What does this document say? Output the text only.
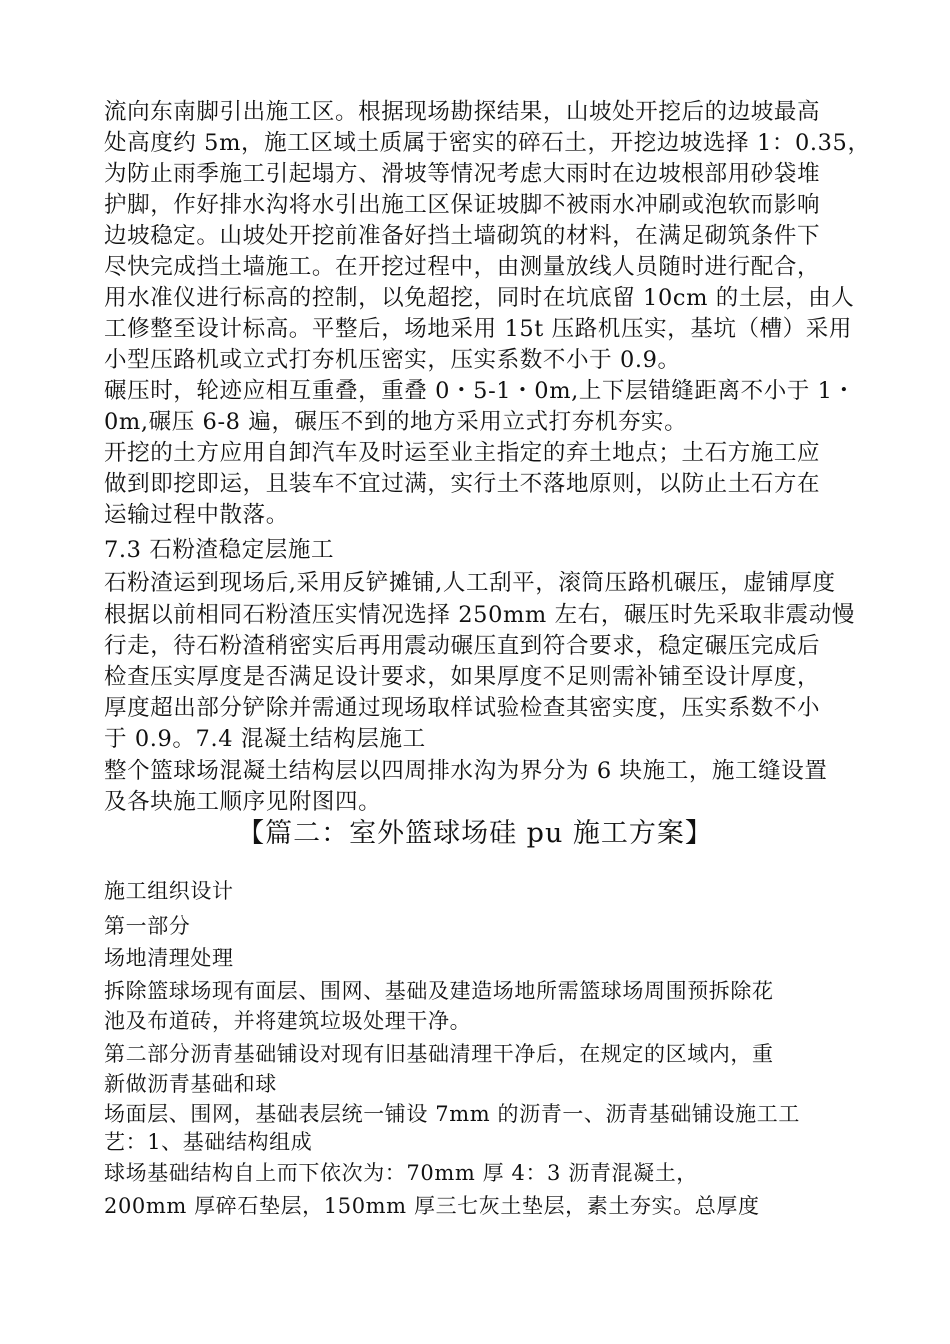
流向东南脚引出施工区。根据现场勘探结果，山坡处开挖后的边坡最高
处高度约 5m，施工区域土质属于密实的碎石土，开挖边坡选择 1：0.35，
为防止雨季施工引起塌方、滑坡等情况考虑大雨时在边坡根部用砂袋堆
护脚，作好排水沟将水引出施工区保证坡脚不被雨水冲刷或泡软而影响
边坡稳定。山坡处开挖前准备好挡土墙砌筑的材料，在满足砌筑条件下
尽快完成挡土墙施工。在开挖过程中，由测量放线人员随时进行配合，
用水准仪进行标高的控制，以免超挖，同时在坑底留 10cm 的土层，由人
工修整至设计标高。平整后，场地采用 15t 压路机压实，基坑（槽）采用
小型压路机或立式打夯机压密实，压实系数不小于 0.9。
碾压时，轮迹应相互重叠，重叠 0・5-1・0m,上下层错缝距离不小于 1・
0m,碾压 6-8 遍，碾压不到的地方采用立式打夯机夯实。
开挖的土方应用自卸汽车及时运至业主指定的弃土地点；土石方施工应
做到即挖即运，且装车不宜过满，实行土不落地原则，以防止土石方在
运输过程中散落。
7.3 石粉渣稳定层施工
石粉渣运到现场后,采用反铲摊铺,人工刮平，滚筒压路机碾压，虚铺厚度
根据以前相同石粉渣压实情况选择 250mm 左右，碾压时先采取非震动慢
行走，待石粉渣稍密实后再用震动碾压直到符合要求，稳定碾压完成后
检查压实厚度是否满足设计要求，如果厚度不足则需补铺至设计厚度，
厚度超出部分铲除并需通过现场取样试验检查其密实度，压实系数不小
于 0.9。7.4 混凝土结构层施工
整个篮球场混凝土结构层以四周排水沟为界分为 6 块施工，施工缝设置
及各块施工顺序见附图四。
【篇二：室外篮球场硅 pu 施工方案】
施工组织设计
第一部分
场地清理处理
拆除篮球场现有面层、围网、基础及建造场地所需篮球场周围预拆除花
池及布道砖，并将建筑垃圾处理干净。
第二部分沥青基础铺设对现有旧基础清理干净后，在规定的区域内，重
新做沥青基础和球
场面层、围网，基础表层统一铺设 7mm 的沥青一、沥青基础铺设施工工
艺：1、基础结构组成
球场基础结构自上而下依次为：70mm 厚 4：3 沥青混凝土，
200mm 厚碎石垫层，150mm 厚三七灰土垫层，素土夯实。总厚度
